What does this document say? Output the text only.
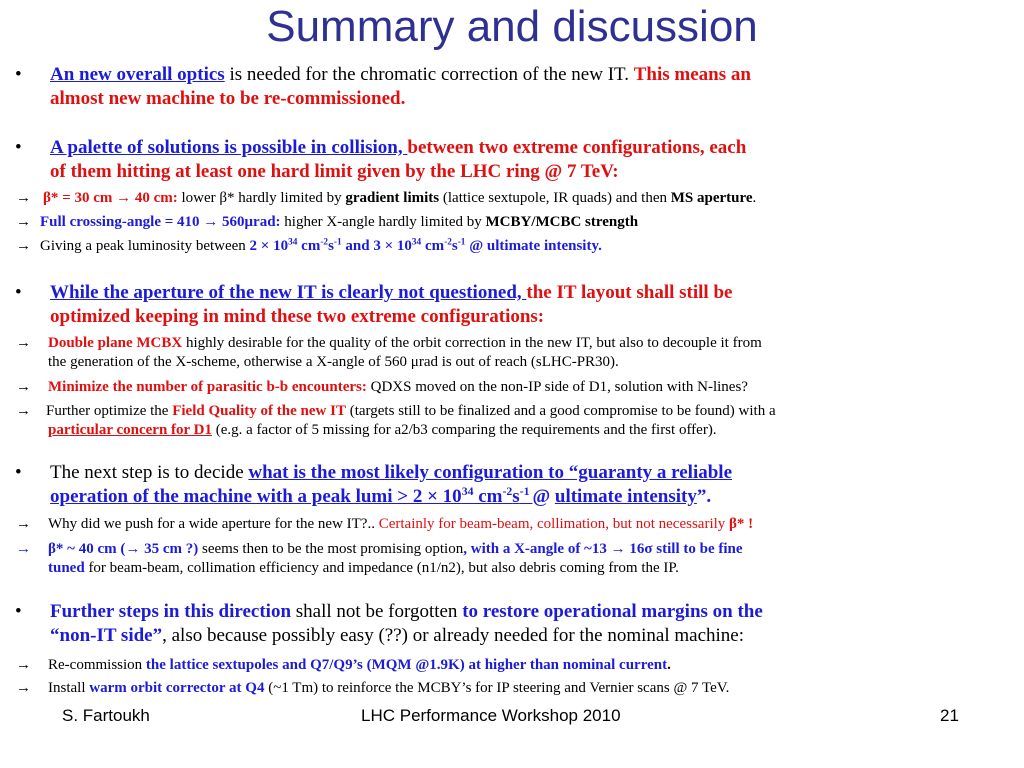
Summary and discussion
• An new overall optics is needed for the chromatic correction of the new IT. This means an
almost new machine to be re-commissioned.
• A palette of solutions is possible in collision, between two extreme configurations, each
of them hitting at least one hard limit given by the LHC ring @ 7 TeV:
→ β* = 30 cm → 40 cm: lower β* hardly limited by gradient limits (lattice sextupole, IR quads) and then MS aperture.
→ Full crossing-angle = 410 → 560μrad: higher X-angle hardly limited by MCBY/MCBC strength
→ Giving a peak luminosity between $2 \times 10^{34}$ $cm^{-2}s^{-1}$ and $3 \times 10^{34}$ $cm^{-2}s^{-1}$ @ ultimate intensity.
• While the aperture of the new IT is clearly not questioned, the IT layout shall still be
optimized keeping in mind these two extreme configurations:
→ Double plane MCBX highly desirable for the quality of the orbit correction in the new IT, but also to decouple it from
the generation of the X-scheme, otherwise a X-angle of 560 μrad is out of reach (sLHC-PR30).
→ Minimize the number of parasitic b-b encounters: QDXS moved on the non-IP side of D1, solution with N-lines?
→ Further optimize the Field Quality of the new IT (targets still to be finalized and a good compromise to be found) with a
particular concern for D1 (e.g. a factor of 5 missing for a2/b3 comparing the requirements and the first offer).
• The next step is to decide what is the most likely configuration to “guaranty a reliable
operation of the machine with a peak lumi > $2 \times 10^{34}$ $cm^{-2}s^{-1}$ @ ultimate intensity”.
→ Why did we push for a wide aperture for the new IT?.. Certainly for beam-beam, collimation, but not necessarily β* !
→ β* ~ 40 cm (→ 35 cm ?) seems then to be the most promising option, with a X-angle of ~13 → 16σ still to be fine
tuned for beam-beam, collimation efficiency and impedance (n1/n2), but also debris coming from the IP.
• Further steps in this direction shall not be forgotten to restore operational margins on the
“non-IT side”, also because possibly easy (??) or already needed for the nominal machine:
→ Re-commission the lattice sextupoles and Q7/Q9’s (MQM @1.9K) at higher than nominal current.
→ Install warm orbit corrector at Q4 (~1 Tm) to reinforce the MCBY’s for IP steering and Vernier scans @ 7 TeV.
S. Fartoukh	LHC Performance Workshop 2010	21
